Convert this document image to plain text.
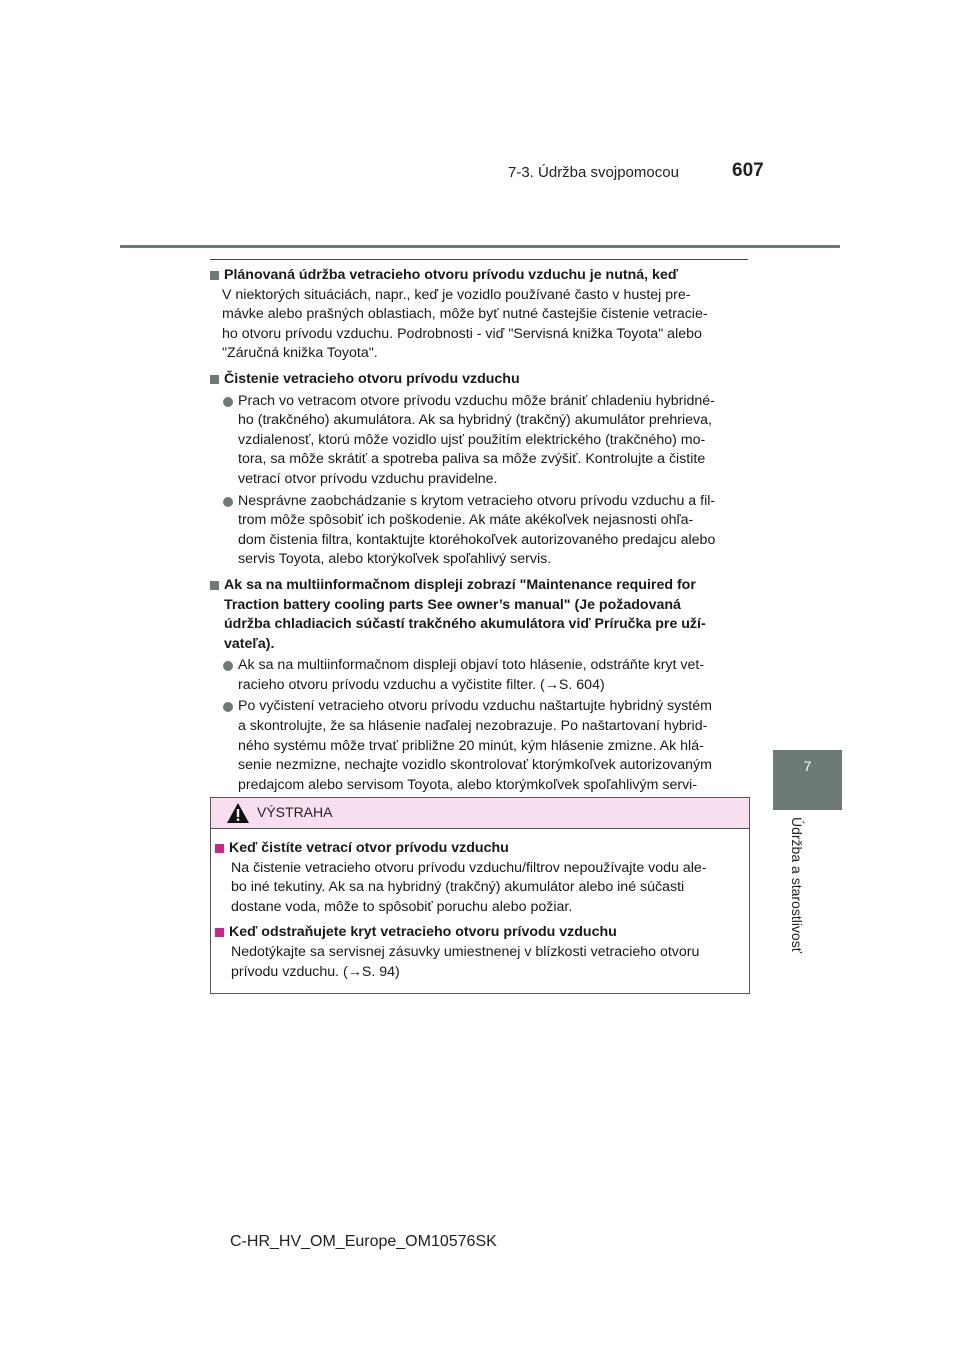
7-3. Údržba svojpomocou	607
7
Údržba a starostlivosť
Plánovaná údržba vetracieho otvoru prívodu vzduchu je nutná, keď
V niektorých situáciách, napr., keď je vozidlo používané často v hustej pre-
mávke alebo prašných oblastiach, môže byť nutné častejšie čistenie vetracie-
ho otvoru prívodu vzduchu. Podrobnosti - viď "Servisná knižka Toyota" alebo
"Záručná knižka Toyota".
Čistenie vetracieho otvoru prívodu vzduchu
Prach vo vetracom otvore prívodu vzduchu môže brániť chladeniu hybridné-
ho (trakčného) akumulátora. Ak sa hybridný (trakčný) akumulátor prehrieva,
vzdialenosť, ktorú môže vozidlo ujsť použitím elektrického (trakčného) mo-
tora, sa môže skrátiť a spotreba paliva sa môže zvýšiť. Kontrolujte a čistite
vetrací otvor prívodu vzduchu pravidelne.
Nesprávne zaobchádzanie s krytom vetracieho otvoru prívodu vzduchu a fil-
trom môže spôsobiť ich poškodenie. Ak máte akékoľvek nejasnosti ohľa-
dom čistenia filtra, kontaktujte ktoréhokoľvek autorizovaného predajcu alebo
servis Toyota, alebo ktorýkoľvek spoľahlivý servis.
Ak sa na multiinformačnom displeji zobrazí "Maintenance required for
Traction battery cooling parts See owner’s manual" (Je požadovaná
údržba chladiacich súčastí trakčného akumulátora viď Príručka pre uží-
vateľa).
Ak sa na multiinformačnom displeji objaví toto hlásenie, odstráňte kryt vet-
racieho otvoru prívodu vzduchu a vyčistite filter. (→S. 604)
Po vyčistení vetracieho otvoru prívodu vzduchu naštartujte hybridný systém
a skontrolujte, že sa hlásenie naďalej nezobrazuje. Po naštartovaní hybrid-
ného systému môže trvať približne 20 minút, kým hlásenie zmizne. Ak hlá-
senie nezmizne, nechajte vozidlo skontrolovať ktorýmkoľvek autorizovaným
predajcom alebo servisom Toyota, alebo ktorýmkoľvek spoľahlivým servi-

VÝSTRAHA
Keď čistíte vetrací otvor prívodu vzduchu
Na čistenie vetracieho otvoru prívodu vzduchu/filtrov nepoužívajte vodu ale-
bo iné tekutiny. Ak sa na hybridný (trakčný) akumulátor alebo iné súčasti
dostane voda, môže to spôsobiť poruchu alebo požiar.
Keď odstraňujete kryt vetracieho otvoru prívodu vzduchu
Nedotýkajte sa servisnej zásuvky umiestnenej v blízkosti vetracieho otvoru
prívodu vzduchu. (→S. 94)
C-HR_HV_OM_Europe_OM10576SK
